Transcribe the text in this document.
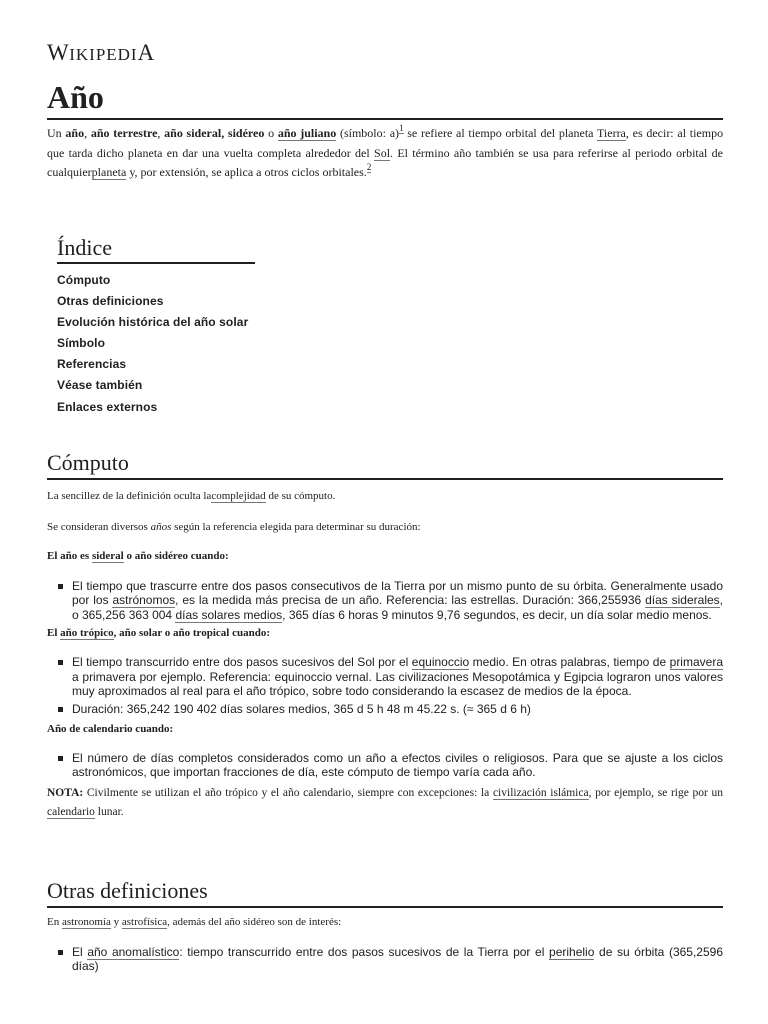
WIKIPEDIA
Año

Un año, año terrestre, año sideral, sidéreo o año juliano (símbolo: a)$^1$ se refiere al tiempo orbital del planeta Tierra, es decir: al tiempo que tarda dicho planeta en dar una vuelta completa alrededor del Sol. El término año también se usa para referirse al periodo orbital de cualquierplaneta y, por extensión, se aplica a otros ciclos orbitales.$^2$

Índice
Cómputo
Otras definiciones
Evolución histórica del año solar
Símbolo
Referencias
Véase también
Enlaces externos
Cómputo

La sencillez de la definición oculta lacomplejidad de su cómputo.

Se consideran diversos años según la referencia elegida para determinar su duración:

El año es sideral o año sidéreo cuando:

El tiempo que trascurre entre dos pasos consecutivos de la Tierra por un mismo punto de su órbita. Generalmente usado por los astrónomos, es la medida más precisa de un año. Referencia: las estrellas. Duración: 366,255936 días siderales, o 365,256 363 004 días solares medios, 365 días 6 horas 9 minutos 9,76 segundos, es decir, un día solar medio menos.

El año trópico, año solar o año tropical cuando:

El tiempo transcurrido entre dos pasos sucesivos del Sol por el equinoccio medio. En otras palabras, tiempo de primavera a primavera por ejemplo. Referencia: equinoccio vernal. Las civilizaciones Mesopotámica y Egipcia lograron unos valores muy aproximados al real para el año trópico, sobre todo considerando la escasez de medios de la época.
Duración: 365,242 190 402 días solares medios, 365 d 5 h 48 m 45.22 s. (≈ 365 d 6 h)

Año de calendario cuando:

El número de días completos considerados como un año a efectos civiles o religiosos. Para que se ajuste a los ciclos astronómicos, que importan fracciones de día, este cómputo de tiempo varía cada año.

NOTA: Civilmente se utilizan el año trópico y el año calendario, siempre con excepciones: la civilización islámica, por ejemplo, se rige por un calendario lunar.

Otras definiciones

En astronomía y astrofísica, además del año sidéreo son de interés:

El año anomalístico: tiempo transcurrido entre dos pasos sucesivos de la Tierra por el perihelio de su órbita (365,2596 días)
